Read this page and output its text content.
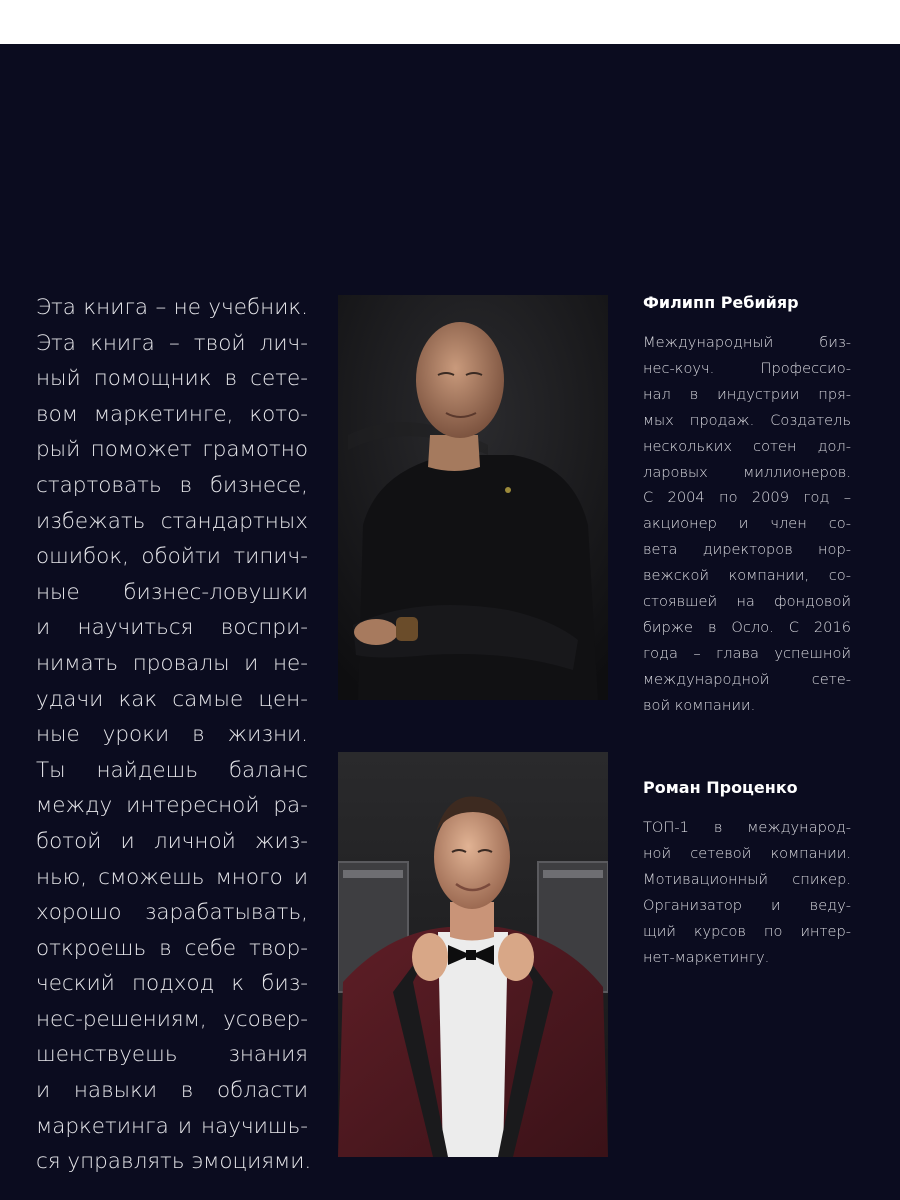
Эта книга – не учебник.
Эта книга – твой лич-
ный помощник в сете-
вом маркетинге, кото-
рый поможет грамотно
стартовать в бизнесе,
избежать стандартных
ошибок, обойти типич-
ные бизнес-ловушки
и научиться воспри-
нимать провалы и не-
удачи как самые цен-
ные уроки в жизни.
Ты найдешь баланс
между интересной ра-
ботой и личной жиз-
нью, сможешь много и
хорошо зарабатывать,
откроешь в себе твор-
ческий подход к биз-
нес-решениям, усовер-
шенствуешь знания
и навыки в области
маркетинга и научишь-
ся управлять эмоциями.
Филипп Ребийяр
Международный биз-
нес-коуч. Профессио-
нал в индустрии пря-
мых продаж. Создатель
нескольких сотен дол-
ларовых миллионеров.
С 2004 по 2009 год –
акционер и член со-
вета директоров нор-
вежской компании, со-
стоявшей на фондовой
бирже в Осло. С 2016
года – глава успешной
международной сете-
вой компании.
Роман Проценко
ТОП-1 в международ-
ной сетевой компании.
Мотивационный спикер.
Организатор и веду-
щий курсов по интер-
нет-маркетингу.
